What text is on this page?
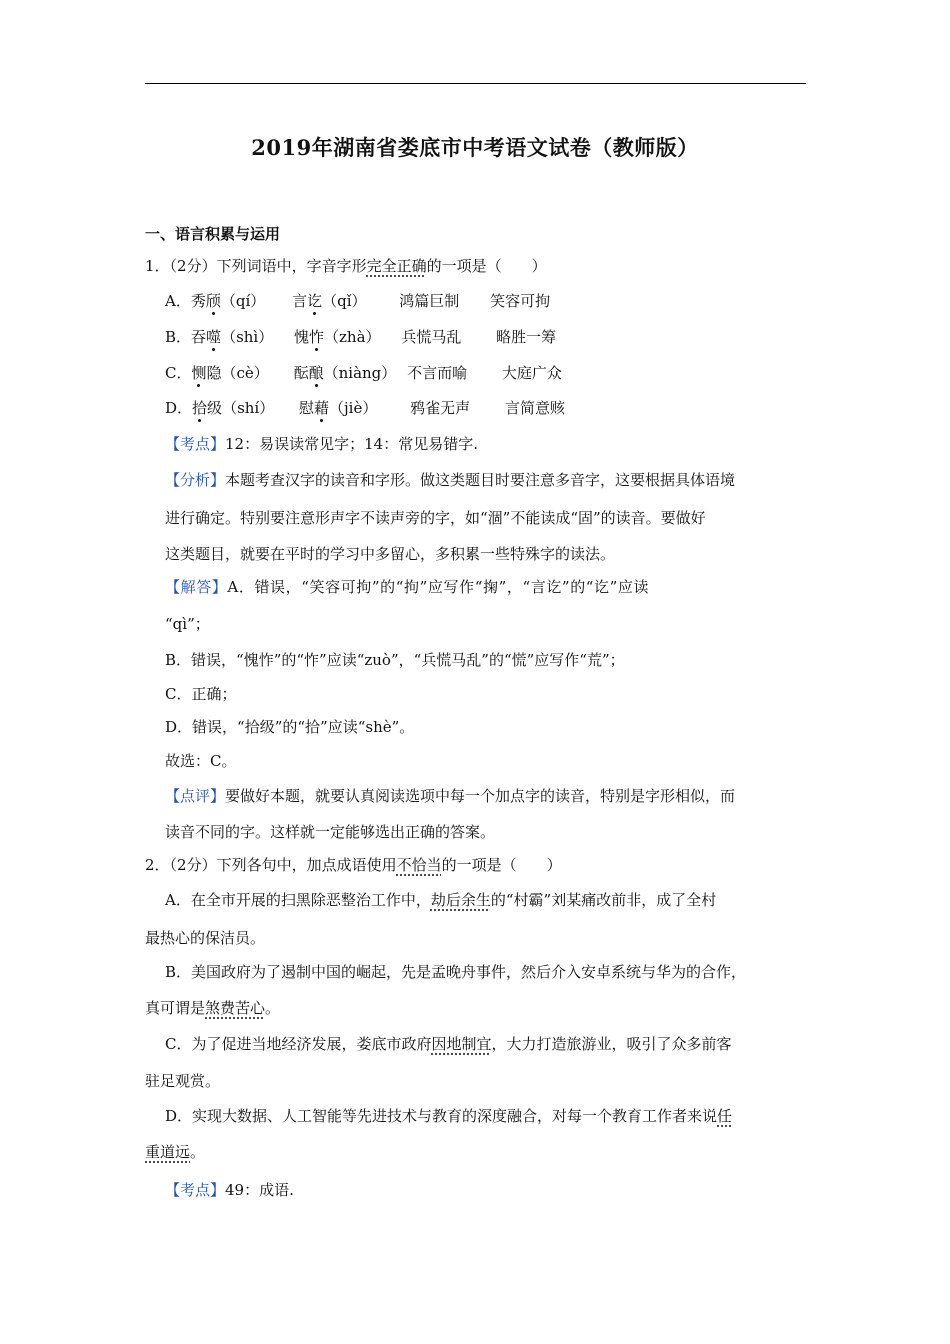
2019年湖南省娄底市中考语文试卷（教师版）
一、语言积累与运用
1．（2分）下列词语中，字音字形完全正确的一项是（　　）
A．秀颀（qí） 言讫（qǐ） 鸿篇巨制 笑容可拘
B．吞噬（shì） 愧怍（zhà） 兵慌马乱 略胜一筹
C．恻隐（cè） 酝酿（niàng） 不言而喻 大庭广众
D．拾级（shí） 慰藉（jiè） 鸦雀无声 言简意赅
【考点】12：易误读常见字；14：常见易错字.
【分析】本题考查汉字的读音和字形。做这类题目时要注意多音字，这要根据具体语境
进行确定。特别要注意形声字不读声旁的字，如“涸”不能读成“固”的读音。要做好
这类题目，就要在平时的学习中多留心，多积累一些特殊字的读法。
【解答】A．错误，“笑容可拘”的“拘”应写作“掬”，“言讫”的“讫”应读
“qì”；
B．错误，“愧怍”的“怍”应读“zuò”，“兵慌马乱”的“慌”应写作“荒”；
C．正确；
D．错误，“拾级”的“拾”应读“shè”。
故选：C。
【点评】要做好本题，就要认真阅读选项中每一个加点字的读音，特别是字形相似，而
读音不同的字。这样就一定能够选出正确的答案。
2．（2分）下列各句中，加点成语使用不恰当的一项是（　　）
A．在全市开展的扫黑除恶整治工作中，劫后余生的“村霸”刘某痛改前非，成了全村
最热心的保洁员。
B．美国政府为了遏制中国的崛起，先是孟晚舟事件，然后介入安卓系统与华为的合作，
真可谓是煞费苦心。
C．为了促进当地经济发展，娄底市政府因地制宜，大力打造旅游业，吸引了众多前客
驻足观赏。
D．实现大数据、人工智能等先进技术与教育的深度融合，对每一个教育工作者来说任
重道远。
【考点】49：成语.
